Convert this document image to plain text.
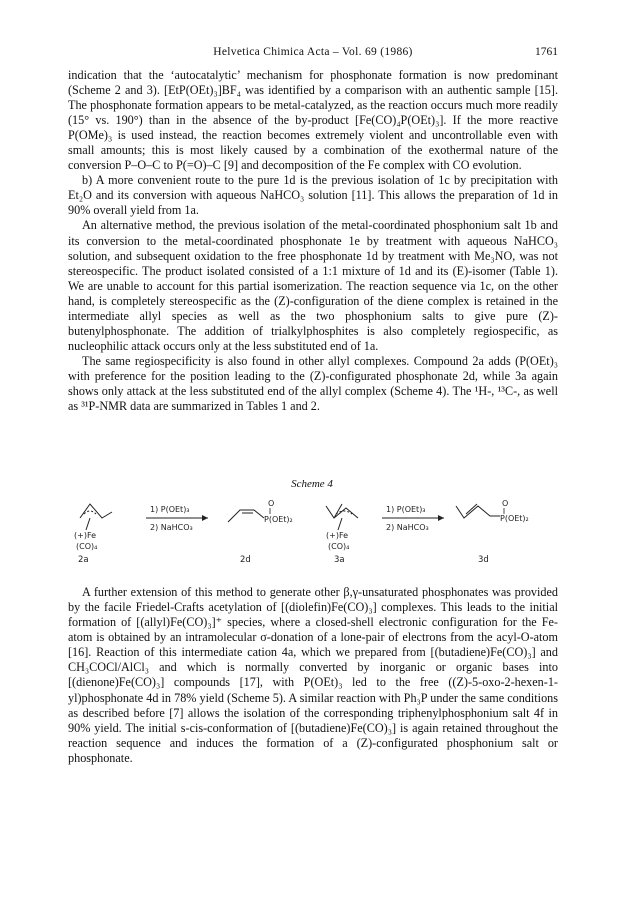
Helvetica Chimica Acta – Vol. 69 (1986)	1761

indication that the ‘autocatalytic’ mechanism for phosphonate formation is now predominant (Scheme 2 and 3). [EtP(OEt)₃]BF₄ was identified by a comparison with an authentic sample [15]. The phosphonate formation appears to be metal-catalyzed, as the reaction occurs much more readily (15° vs. 190°) than in the absence of the by-product [Fe(CO)₄P(OEt)₃]. If the more reactive P(OMe)₃ is used instead, the reaction becomes extremely violent and uncontrollable even with small amounts; this is most likely caused by a combination of the exothermal nature of the conversion P–O–C to P(=O)–C [9] and decomposition of the Fe complex with CO evolution.

b) A more convenient route to the pure 1d is the previous isolation of 1c by precipitation with Et₂O and its conversion with aqueous NaHCO₃ solution [11]. This allows the preparation of 1d in 90% overall yield from 1a.

An alternative method, the previous isolation of the metal-coordinated phosphonium salt 1b and its conversion to the metal-coordinated phosphonate 1e by treatment with aqueous NaHCO₃ solution, and subsequent oxidation to the free phosphonate 1d by treatment with Me₃NO, was not stereospecific. The product isolated consisted of a 1:1 mixture of 1d and its (E)-isomer (Table 1). We are unable to account for this partial isomerization. The reaction sequence via 1c, on the other hand, is completely stereospecific as the (Z)-configuration of the diene complex is retained in the intermediate allyl species as well as the two phosphonium salts to give pure (Z)-butenylphosphonate. The addition of trialkylphosphites is also completely regiospecific, as nucleophilic attack occurs only at the less substituted end of 1a.

The same regiospecificity is also found in other allyl complexes. Compound 2a adds (P(OEt)₃ with preference for the position leading to the (Z)-configurated phosphonate 2d, while 3a again shows only attack at the less substituted end of the allyl complex (Scheme 4). The ¹H-, ¹³C-, as well as ³¹P-NMR data are summarized in Tables 1 and 2.

Scheme 4
(+)Fe
(CO)₄
1) P(OEt)₃
2) NaHCO₃
O
P(OEt)₂
(+)Fe
(CO)₄
1) P(OEt)₃
2) NaHCO₃
O
P(OEt)₂
2a	2d	3a	3d

A further extension of this method to generate other β,γ-unsaturated phosphonates was provided by the facile Friedel-Crafts acetylation of [(diolefin)Fe(CO)₃] complexes. This leads to the initial formation of [(allyl)Fe(CO)₃]⁺ species, where a closed-shell electronic configuration for the Fe-atom is obtained by an intramolecular σ-donation of a lone-pair of electrons from the acyl-O-atom [16]. Reaction of this intermediate cation 4a, which we prepared from [(butadiene)Fe(CO)₃] and CH₃COCl/AlCl₃ and which is normally converted by inorganic or organic bases into [(dienone)Fe(CO)₃] compounds [17], with P(OEt)₃ led to the free ((Z)-5-oxo-2-hexen-1-yl)phosphonate 4d in 78% yield (Scheme 5). A similar reaction with Ph₃P under the same conditions as described before [7] allows the isolation of the corresponding triphenylphosphonium salt 4f in 90% yield. The initial s-cis-conformation of [(butadiene)Fe(CO)₃] is again retained throughout the reaction sequence and induces the formation of a (Z)-configurated phosphonium salt or phosphonate.
